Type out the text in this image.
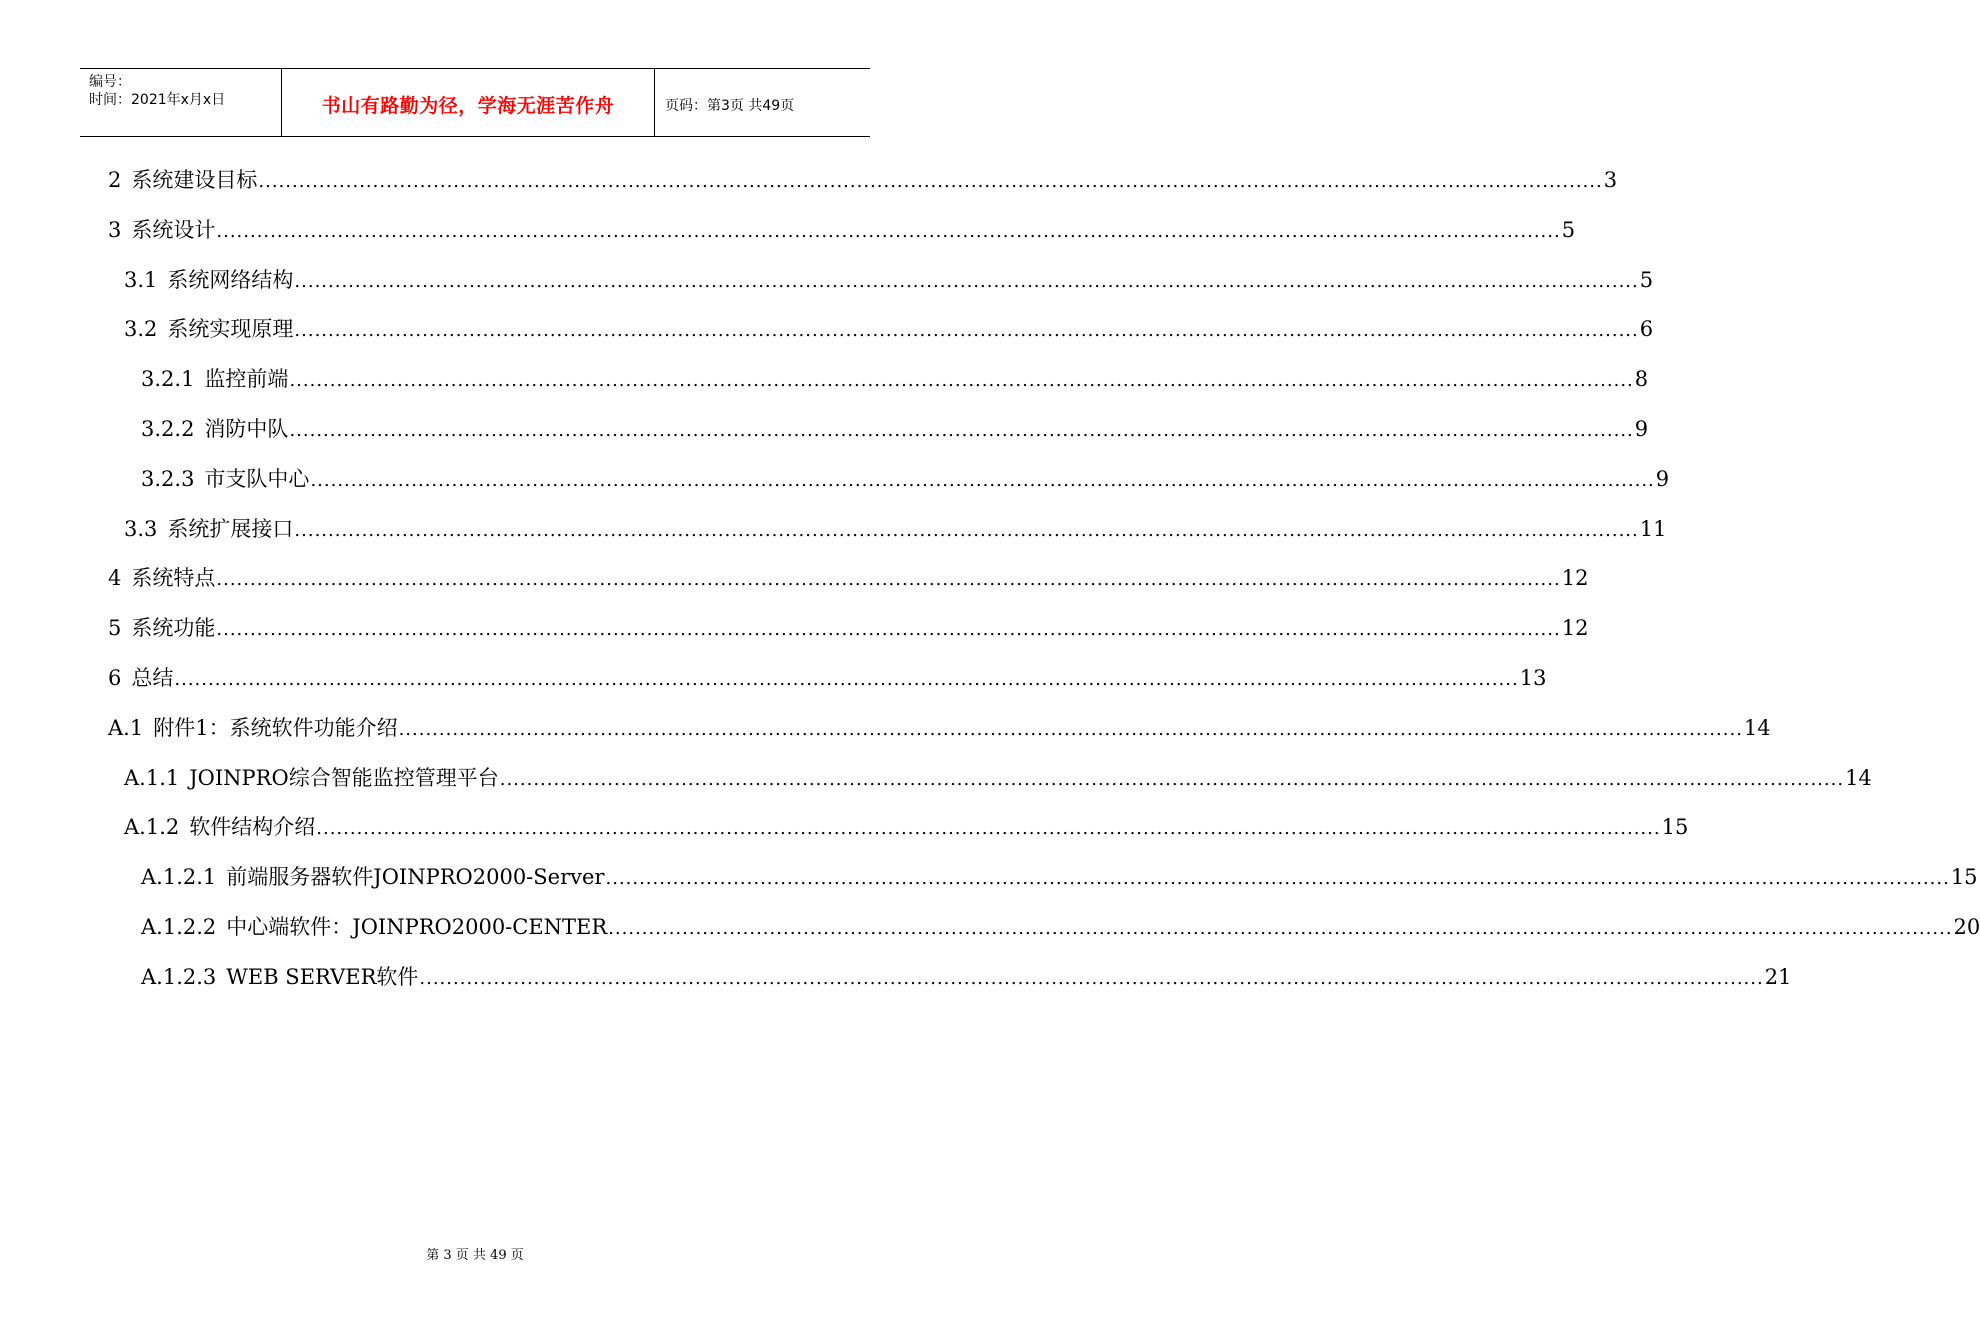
编号：
时间：2021年x月x日	书山有路勤为径，学海无涯苦作舟	页码：第3页 共49页
2 系统建设目标 ........................................................................................................................................................................................................ 3
3 系统设计 ........................................................................................................................................................................................................ 5
3.1 系统网络结构 ........................................................................................................................................................................................................ 5
3.2 系统实现原理 ........................................................................................................................................................................................................ 6
3.2.1 监控前端 ........................................................................................................................................................................................................ 8
3.2.2 消防中队 ........................................................................................................................................................................................................ 9
3.2.3 市支队中心 ........................................................................................................................................................................................................ 9
3.3 系统扩展接口 ........................................................................................................................................................................................................ 11
4 系统特点 ........................................................................................................................................................................................................ 12
5 系统功能 ........................................................................................................................................................................................................ 12
6 总结 ........................................................................................................................................................................................................ 13
A.1 附件1：系统软件功能介绍 ........................................................................................................................................................................................................ 14
A.1.1 JOINPRO综合智能监控管理平台 ........................................................................................................................................................................................................ 14
A.1.2 软件结构介绍 ........................................................................................................................................................................................................ 15
A.1.2.1 前端服务器软件JOINPRO2000-Server ........................................................................................................................................................................................................ 15
A.1.2.2 中心端软件：JOINPRO2000-CENTER ........................................................................................................................................................................................................ 20
A.1.2.3 WEB SERVER软件 ........................................................................................................................................................................................................ 21
第 3 页 共 49 页
